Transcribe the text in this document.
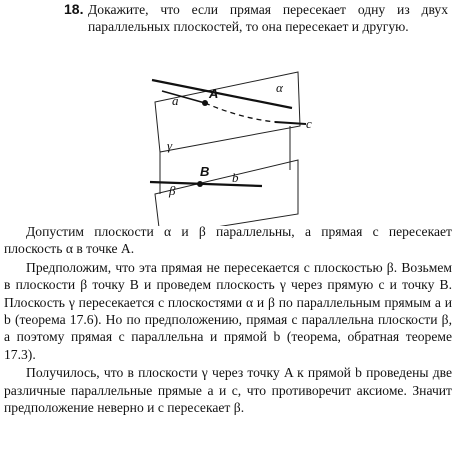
18. Докажите, что если прямая пересекает одну из двух параллельных плоскостей, то она пересекает и другую.

a A	α
c
γ
B b
β

Допустим плоскости α и β параллельны, а прямая c пересекает плоскость α в точке A.

Предположим, что эта прямая не пересекается с плоскостью β. Возьмем в плоскости β точку B и проведем плоскость γ через прямую c и точку B. Плоскость γ пересекается с плоскостями α и β по параллельным прямым a и b (теорема 17.6). Но по предположению, прямая c параллельна плоскости β, а поэтому прямая c параллельна и прямой b (теорема, обратная теореме 17.3).

Получилось, что в плоскости γ через точку A к прямой b проведены две различные параллельные прямые a и c, что противоречит аксиоме. Значит предположение неверно и c пересекает β.
